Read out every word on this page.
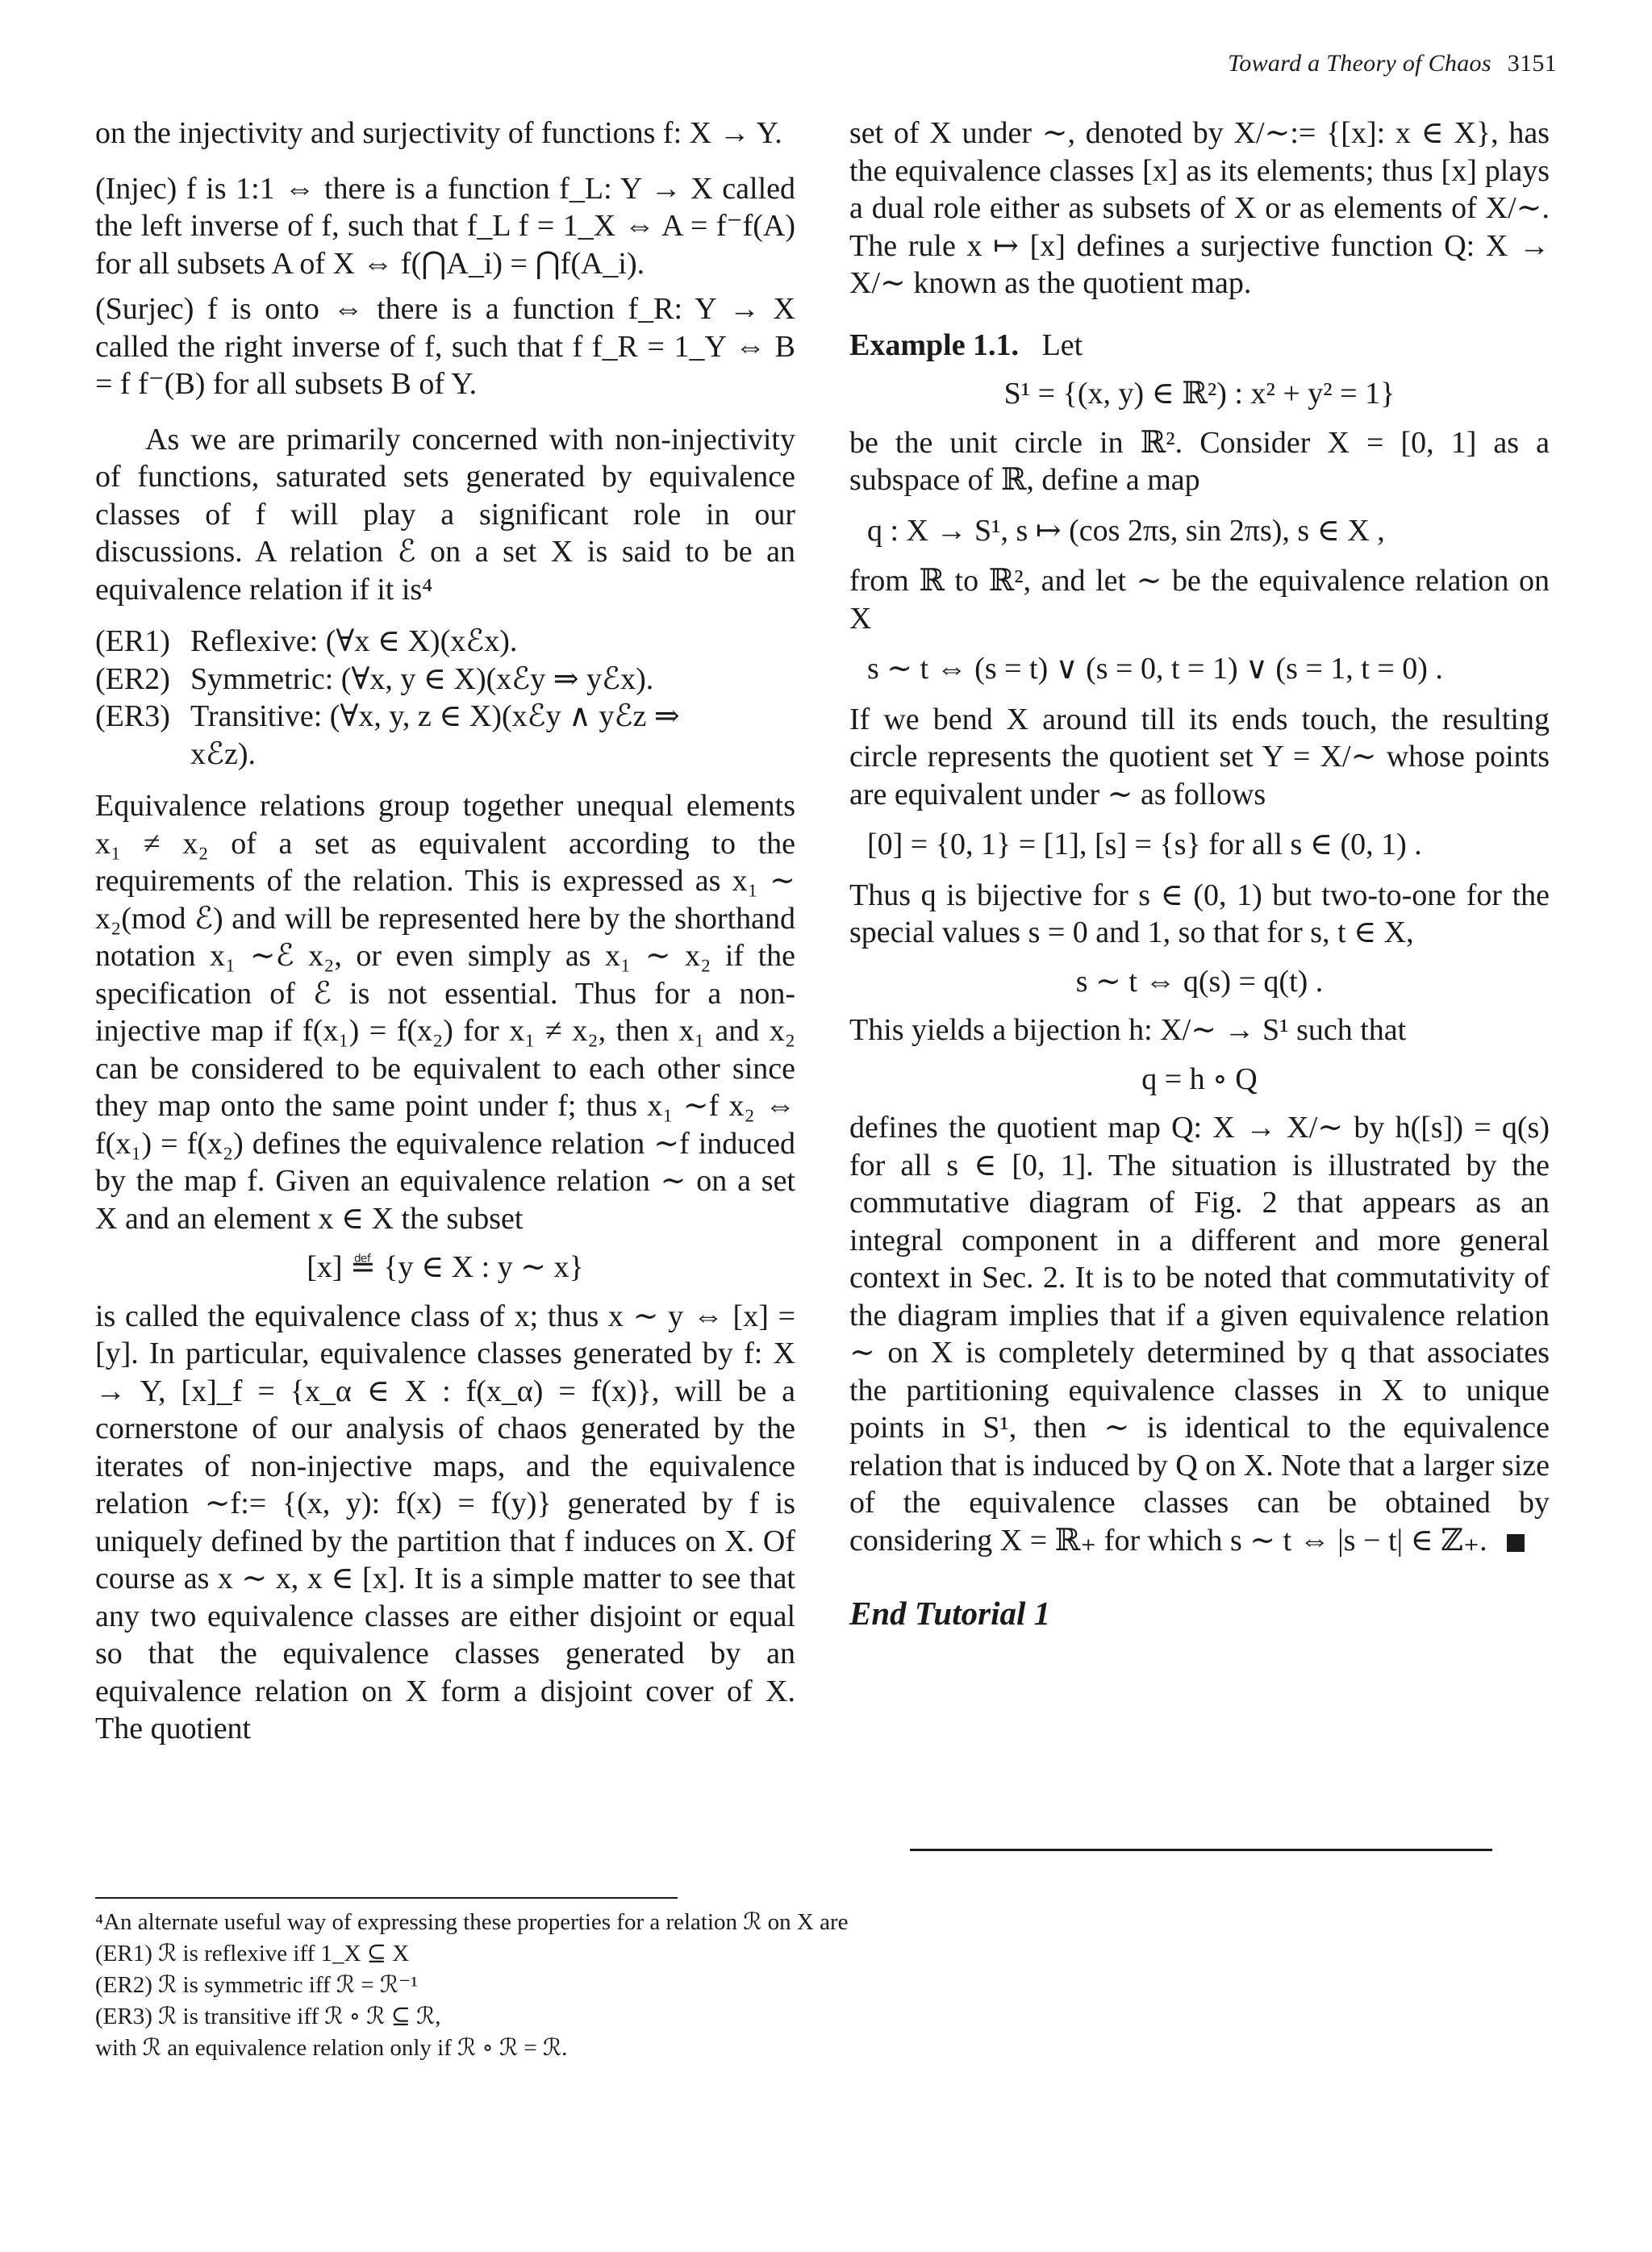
Toward a Theory of Chaos 3151

on the injectivity and surjectivity of functions f: X → Y.

(Injec) f is 1:1 ⇔ there is a function f_L: Y → X called the left inverse of f, such that f_L f = 1_X ⇔ A = f⁻f(A) for all subsets A of X ⇔ f(⋂A_i) = ⋂f(A_i).

(Surjec) f is onto ⇔ there is a function f_R: Y → X called the right inverse of f, such that f f_R = 1_Y ⇔ B = f f⁻(B) for all subsets B of Y.

As we are primarily concerned with non-injectivity of functions, saturated sets generated by equivalence classes of f will play a significant role in our discussions. A relation ℰ on a set X is said to be an equivalence relation if it is⁴

(ER1) Reflexive: (∀x ∈ X)(xℰx).
(ER2) Symmetric: (∀x, y ∈ X)(xℰy ⇒ yℰx).
(ER3) Transitive: (∀x, y, z ∈ X)(xℰy ∧ yℰz ⇒
xℰz).

Equivalence relations group together unequal elements x₁ ≠ x₂ of a set as equivalent according to the requirements of the relation. This is expressed as x₁ ∼ x₂(mod ℰ) and will be represented here by the shorthand notation x₁ ∼ℰ x₂, or even simply as x₁ ∼ x₂ if the specification of ℰ is not essential. Thus for a non-injective map if f(x₁) = f(x₂) for x₁ ≠ x₂, then x₁ and x₂ can be considered to be equivalent to each other since they map onto the same point under f; thus x₁ ∼f x₂ ⇔ f(x₁) = f(x₂) defines the equivalence relation ∼f induced by the map f. Given an equivalence relation ∼ on a set X and an element x ∈ X the subset

[x] ≝ {y ∈ X : y ∼ x}

is called the equivalence class of x; thus x ∼ y ⇔ [x] = [y]. In particular, equivalence classes generated by f: X → Y, [x]_f = {x_α ∈ X : f(x_α) = f(x)}, will be a cornerstone of our analysis of chaos generated by the iterates of non-injective maps, and the equivalence relation ∼f:= {(x, y): f(x) = f(y)} generated by f is uniquely defined by the partition that f induces on X. Of course as x ∼ x, x ∈ [x]. It is a simple matter to see that any two equivalence classes are either disjoint or equal so that the equivalence classes generated by an equivalence relation on X form a disjoint cover of X. The quotient

set of X under ∼, denoted by X/∼:= {[x]: x ∈ X}, has the equivalence classes [x] as its elements; thus [x] plays a dual role either as subsets of X or as elements of X/∼. The rule x ↦ [x] defines a surjective function Q: X → X/∼ known as the quotient map.

Example 1.1. Let

S¹ = {(x, y) ∈ ℝ²) : x² + y² = 1}

be the unit circle in ℝ². Consider X = [0, 1] as a subspace of ℝ, define a map

q : X → S¹, s ↦ (cos 2πs, sin 2πs), s ∈ X ,

from ℝ to ℝ², and let ∼ be the equivalence relation on X

s ∼ t ⇔ (s = t) ∨ (s = 0, t = 1) ∨ (s = 1, t = 0) .

If we bend X around till its ends touch, the resulting circle represents the quotient set Y = X/∼ whose points are equivalent under ∼ as follows

[0] = {0, 1} = [1], [s] = {s} for all s ∈ (0, 1) .

Thus q is bijective for s ∈ (0, 1) but two-to-one for the special values s = 0 and 1, so that for s, t ∈ X,

s ∼ t ⇔ q(s) = q(t) .

This yields a bijection h: X/∼ → S¹ such that

q = h ∘ Q

defines the quotient map Q: X → X/∼ by h([s]) = q(s) for all s ∈ [0, 1]. The situation is illustrated by the commutative diagram of Fig. 2 that appears as an integral component in a different and more general context in Sec. 2. It is to be noted that commutativity of the diagram implies that if a given equivalence relation ∼ on X is completely determined by q that associates the partitioning equivalence classes in X to unique points in S¹, then ∼ is identical to the equivalence relation that is induced by Q on X. Note that a larger size of the equivalence classes can be obtained by considering X = ℝ₊ for which s ∼ t ⇔ |s − t| ∈ ℤ₊.

End Tutorial 1
⁴An alternate useful way of expressing these properties for a relation ℛ on X are
(ER1) ℛ is reflexive iff 1_X ⊆ X
(ER2) ℛ is symmetric iff ℛ = ℛ⁻¹
(ER3) ℛ is transitive iff ℛ ∘ ℛ ⊆ ℛ,
with ℛ an equivalence relation only if ℛ ∘ ℛ = ℛ.
